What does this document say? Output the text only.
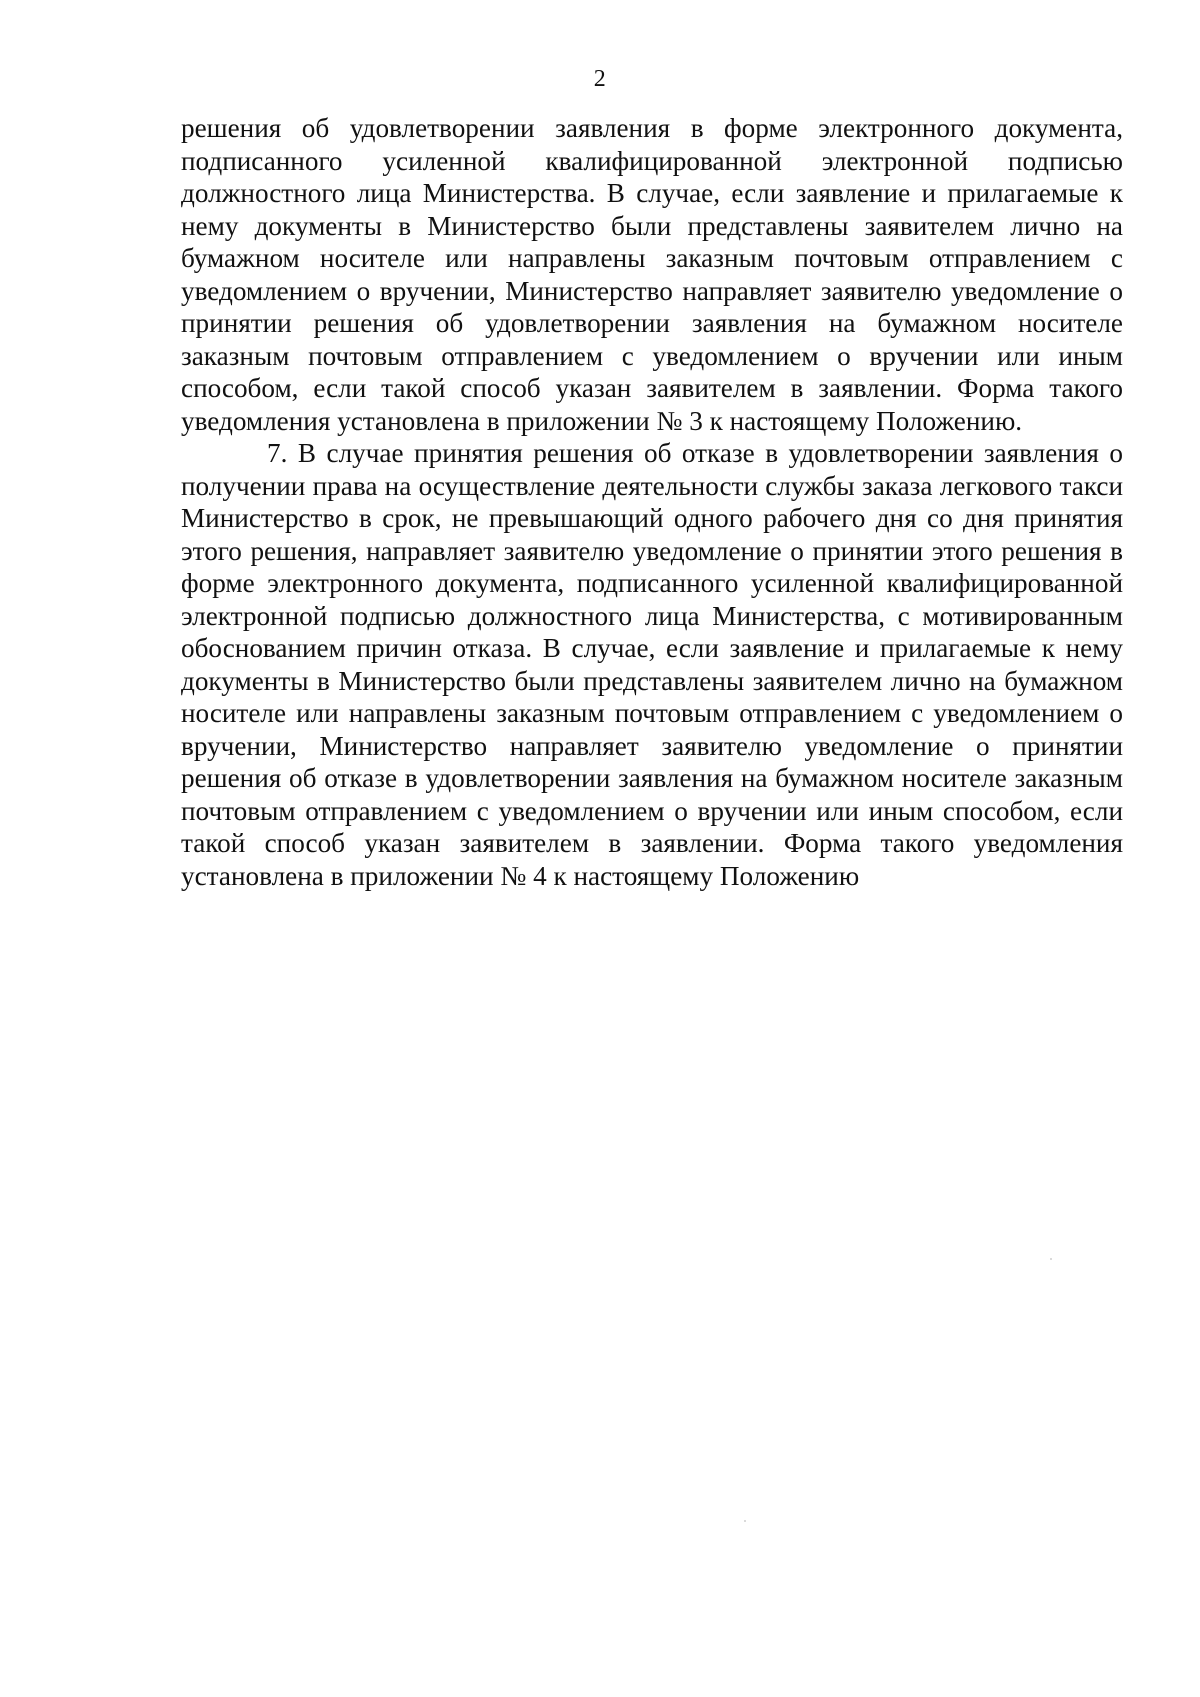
2

решения об удовлетворении заявления в форме электронного документа, подписанного усиленной квалифицированной электронной подписью должностного лица Министерства. В случае, если заявление и прилагаемые к нему документы в Министерство были представлены заявителем лично на бумажном носителе или направлены заказным почтовым отправлением с уведомлением о вручении, Министерство направляет заявителю уведомление о принятии решения об удовлетворении заявления на бумажном носителе заказным почтовым отправлением с уведомлением о вручении или иным способом, если такой способ указан заявителем в заявлении. Форма такого уведомления установлена в приложении № 3 к настоящему Положению.

7. В случае принятия решения об отказе в удовлетворении заявления о получении права на осуществление деятельности службы заказа легкового такси Министерство в срок, не превышающий одного рабочего дня со дня принятия этого решения, направляет заявителю уведомление о принятии этого решения в форме электронного документа, подписанного усиленной квалифицированной электронной подписью должностного лица Министерства, с мотивированным обоснованием причин отказа. В случае, если заявление и прилагаемые к нему документы в Министерство были представлены заявителем лично на бумажном носителе или направлены заказным почтовым отправлением с уведомлением о вручении, Министерство направляет заявителю уведомление о принятии решения об отказе в удовлетворении заявления на бумажном носителе заказным почтовым отправлением с уведомлением о вручении или иным способом, если такой способ указан заявителем в заявлении. Форма такого уведомления установлена в приложении № 4 к настоящему Положению
